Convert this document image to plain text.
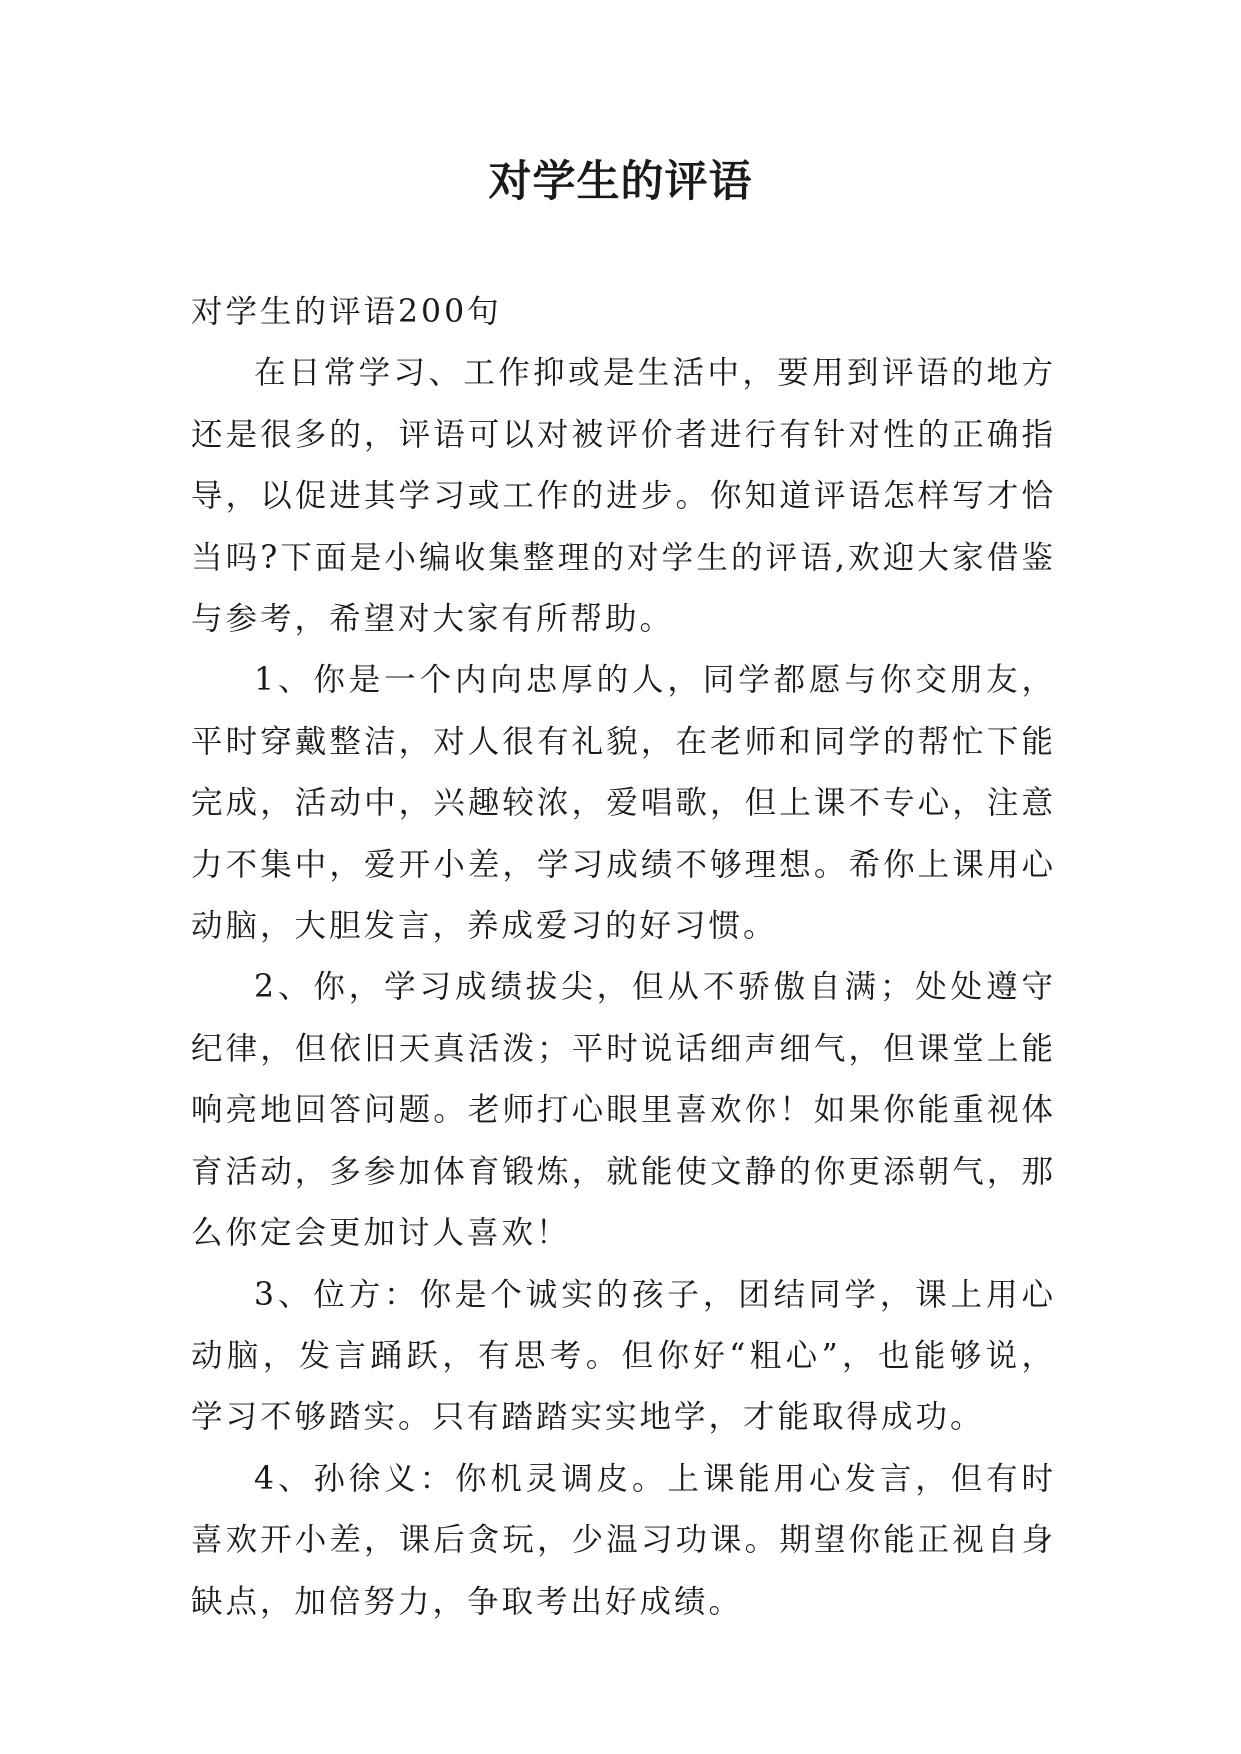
对学生的评语

对学生的评语200句

在日常学习、工作抑或是生活中，要用到评语的地方还是很多的，评语可以对被评价者进行有针对性的正确指导，以促进其学习或工作的进步。你知道评语怎样写才恰当吗?下面是小编收集整理的对学生的评语,欢迎大家借鉴与参考，希望对大家有所帮助。

1、你是一个内向忠厚的人，同学都愿与你交朋友，平时穿戴整洁，对人很有礼貌，在老师和同学的帮忙下能完成，活动中，兴趣较浓，爱唱歌，但上课不专心，注意力不集中，爱开小差，学习成绩不够理想。希你上课用心动脑，大胆发言，养成爱习的好习惯。

2、你，学习成绩拔尖，但从不骄傲自满；处处遵守纪律，但依旧天真活泼；平时说话细声细气，但课堂上能响亮地回答问题。老师打心眼里喜欢你！如果你能重视体育活动，多参加体育锻炼，就能使文静的你更添朝气，那么你定会更加讨人喜欢！

3、位方：你是个诚实的孩子，团结同学，课上用心动脑，发言踊跃，有思考。但你好“粗心”，也能够说，学习不够踏实。只有踏踏实实地学，才能取得成功。

4、孙徐义：你机灵调皮。上课能用心发言，但有时喜欢开小差，课后贪玩，少温习功课。期望你能正视自身缺点，加倍努力，争取考出好成绩。
